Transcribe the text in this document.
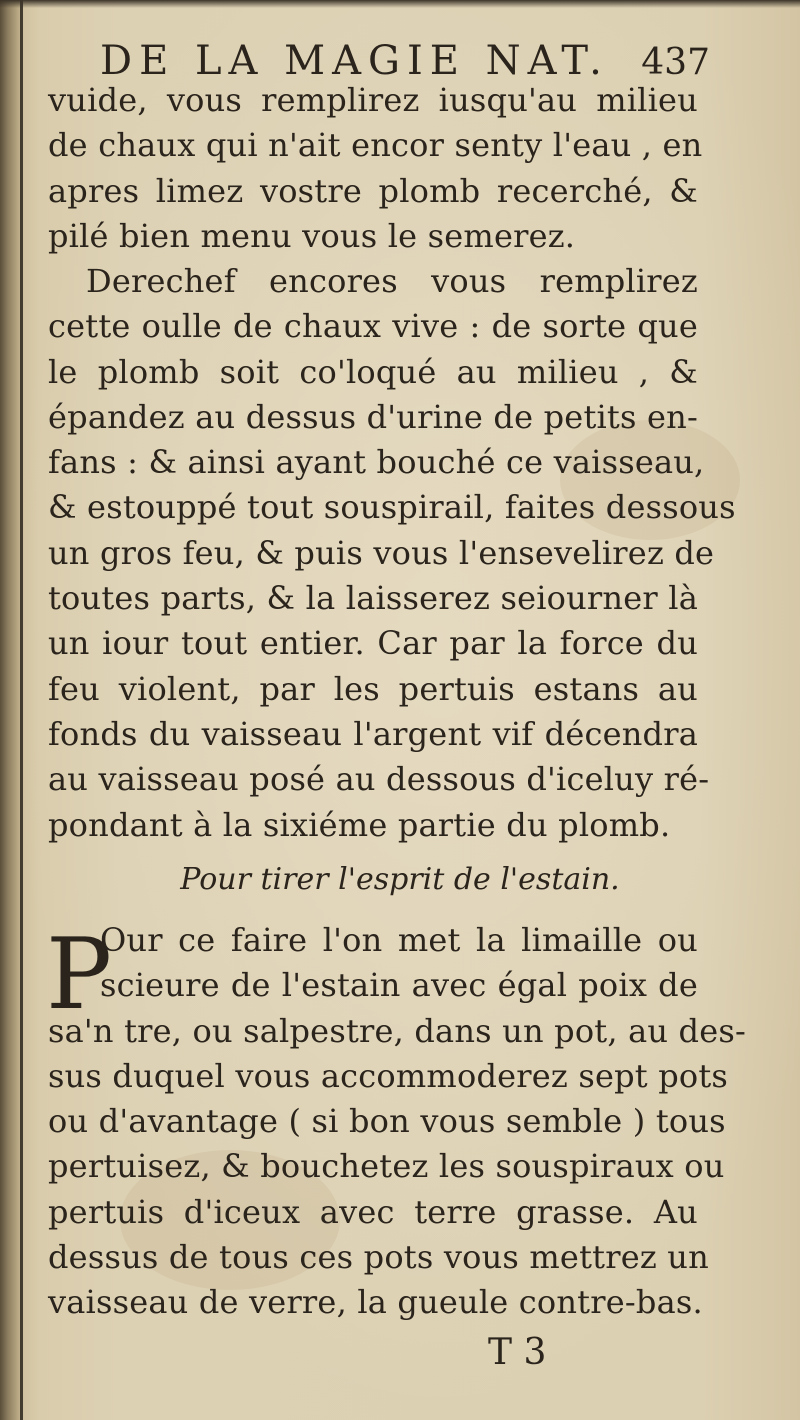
DE LA MAGIE NAT. 437
vuide, vous remplirez iusqu'au milieu
de chaux qui n'ait encor senty l'eau , en
apres limez vostre plomb recerché, &
pilé bien menu vous le semerez.
Derechef encores vous remplirez
cette oulle de chaux vive : de sorte que
le plomb soit co'loqué au milieu , &
épandez au dessus d'urine de petits en-
fans : & ainsi ayant bouché ce vaisseau,
& estouppé tout souspirail, faites dessous
un gros feu, & puis vous l'ensevelirez de
toutes parts, & la laisserez seiourner là
un iour tout entier. Car par la force du
feu violent, par les pertuis estans au
fonds du vaisseau l'argent vif décendra
au vaisseau posé au dessous d'iceluy ré-
pondant à la sixiéme partie du plomb.
Pour tirer l'esprit de l'estain.
P
Our ce faire l'on met la limaille ou
scieure de l'estain avec égal poix de
sa'n tre, ou salpestre, dans un pot, au des-
sus duquel vous accommoderez sept pots
ou d'avantage ( si bon vous semble ) tous
pertuisez, & bouchetez les souspiraux ou
pertuis d'iceux avec terre grasse. Au
dessus de tous ces pots vous mettrez un
vaisseau de verre, la gueule contre-bas.
T 3
